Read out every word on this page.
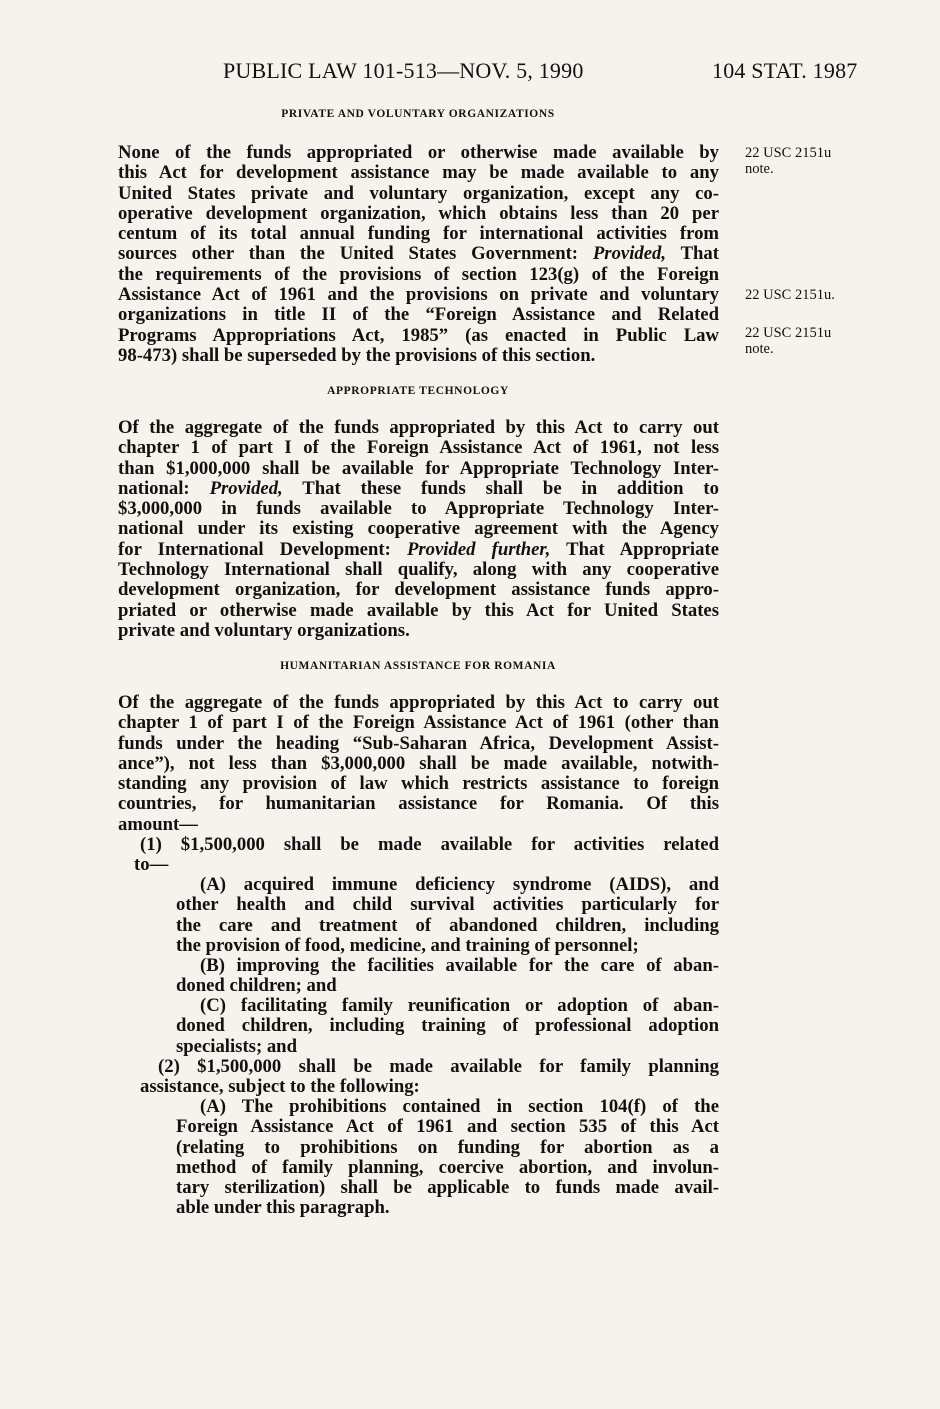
PUBLIC LAW 101-513—NOV. 5, 1990	104 STAT. 1987
PRIVATE AND VOLUNTARY ORGANIZATIONS
None of the funds appropriated or otherwise made available by
this Act for development assistance may be made available to any
United States private and voluntary organization, except any co-
operative development organization, which obtains less than 20 per
centum of its total annual funding for international activities from
sources other than the United States Government: Provided, That
the requirements of the provisions of section 123(g) of the Foreign
Assistance Act of 1961 and the provisions on private and voluntary
organizations in title II of the “Foreign Assistance and Related
Programs Appropriations Act, 1985” (as enacted in Public Law
98-473) shall be superseded by the provisions of this section.
22 USC 2151u
note.
22 USC 2151u.
22 USC 2151u
note.
APPROPRIATE TECHNOLOGY
Of the aggregate of the funds appropriated by this Act to carry out
chapter 1 of part I of the Foreign Assistance Act of 1961, not less
than $1,000,000 shall be available for Appropriate Technology Inter-
national: Provided, That these funds shall be in addition to
$3,000,000 in funds available to Appropriate Technology Inter-
national under its existing cooperative agreement with the Agency
for International Development: Provided further, That Appropriate
Technology International shall qualify, along with any cooperative
development organization, for development assistance funds appro-
priated or otherwise made available by this Act for United States
private and voluntary organizations.
HUMANITARIAN ASSISTANCE FOR ROMANIA
Of the aggregate of the funds appropriated by this Act to carry out
chapter 1 of part I of the Foreign Assistance Act of 1961 (other than
funds under the heading “Sub-Saharan Africa, Development Assist-
ance”), not less than $3,000,000 shall be made available, notwith-
standing any provision of law which restricts assistance to foreign
countries, for humanitarian assistance for Romania. Of this
amount—
(1) $1,500,000 shall be made available for activities related
to—
(A) acquired immune deficiency syndrome (AIDS), and
other health and child survival activities particularly for
the care and treatment of abandoned children, including
the provision of food, medicine, and training of personnel;
(B) improving the facilities available for the care of aban-
doned children; and
(C) facilitating family reunification or adoption of aban-
doned children, including training of professional adoption
specialists; and
(2) $1,500,000 shall be made available for family planning
assistance, subject to the following:
(A) The prohibitions contained in section 104(f) of the
Foreign Assistance Act of 1961 and section 535 of this Act
(relating to prohibitions on funding for abortion as a
method of family planning, coercive abortion, and involun-
tary sterilization) shall be applicable to funds made avail-
able under this paragraph.
